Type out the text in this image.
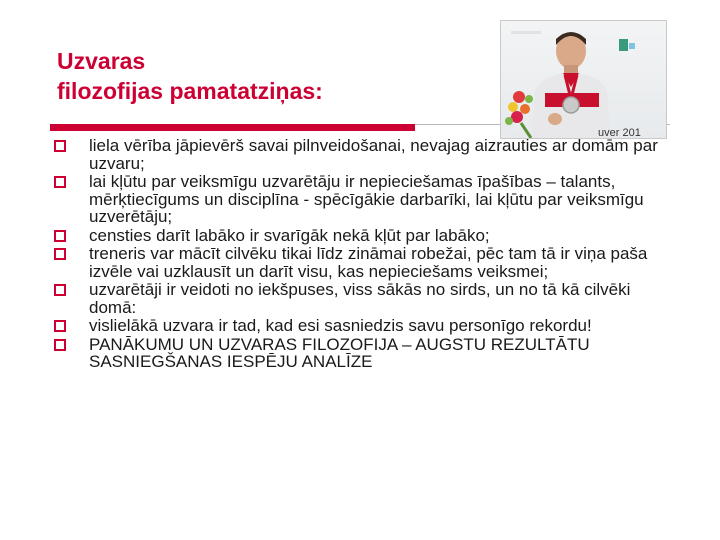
Uzvaras
filozofijas pamatatziņas:
uver 201
liela vērība jāpievērš savai pilnveidošanai, nevajag aizrauties ar domām par uzvaru;
lai kļūtu par veiksmīgu uzvarētāju ir nepieciešamas īpašības – talants, mērķtiecīgums un disciplīna - spēcīgākie darbarīki, lai kļūtu par veiksmīgu uzverētāju;
censties darīt labāko ir svarīgāk nekā kļūt par labāko;
treneris var mācīt cilvēku tikai līdz zināmai robežai, pēc tam tā ir viņa paša izvēle vai uzklausīt un darīt visu, kas nepieciešams veiksmei;
uzvarētāji ir veidoti no iekšpuses, viss sākās no sirds, un no tā kā cilvēki domā:
vislielākā uzvara ir tad, kad esi sasniedzis savu personīgo rekordu!
PANĀKUMU UN UZVARAS FILOZOFIJA – AUGSTU REZULTĀTU SASNIEGŠANAS IESPĒJU ANALĪZE
